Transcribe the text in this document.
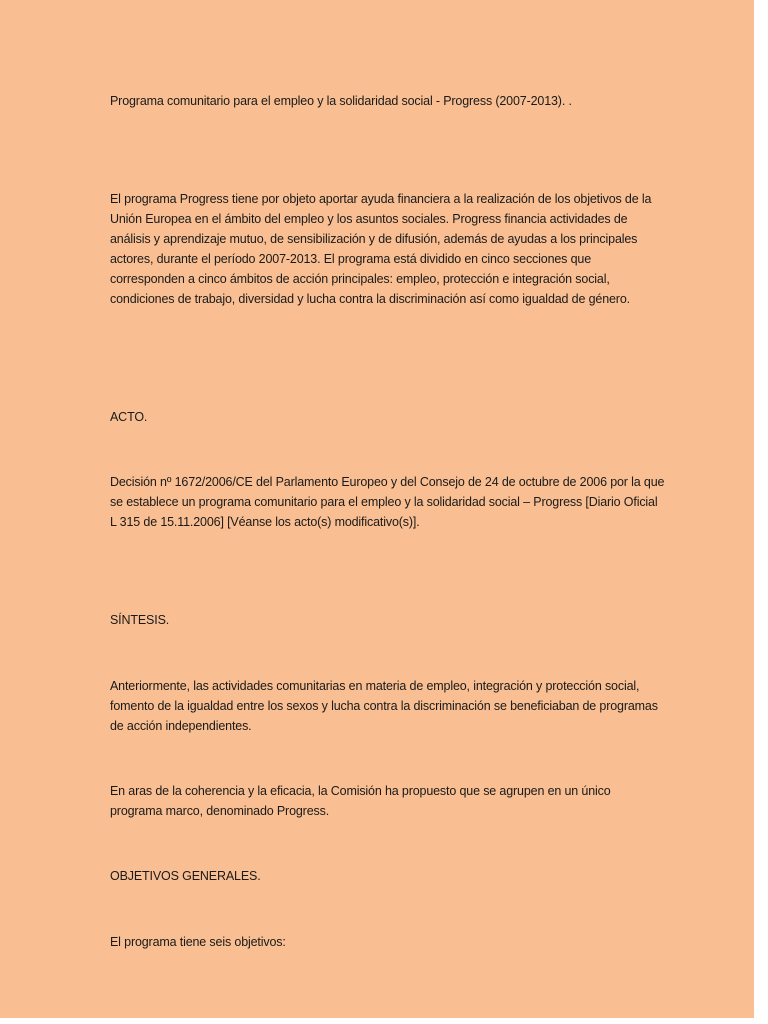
Programa comunitario para el empleo y la solidaridad social - Progress (2007-2013). .

El programa Progress tiene por objeto aportar ayuda financiera a la realización de los objetivos de la Unión Europea en el ámbito del empleo y los asuntos sociales. Progress financia actividades de análisis y aprendizaje mutuo, de sensibilización y de difusión, además de ayudas a los principales actores, durante el período 2007-2013. El programa está dividido en cinco secciones que corresponden a cinco ámbitos de acción principales: empleo, protección e integración social, condiciones de trabajo, diversidad y lucha contra la discriminación así como igualdad de género.

ACTO.

Decisión nº 1672/2006/CE del Parlamento Europeo y del Consejo de 24 de octubre de 2006 por la que se establece un programa comunitario para el empleo y la solidaridad social – Progress [Diario Oficial L 315 de 15.11.2006] [Véanse los acto(s) modificativo(s)].

SÍNTESIS.

Anteriormente, las actividades comunitarias en materia de empleo, integración y protección social, fomento de la igualdad entre los sexos y lucha contra la discriminación se beneficiaban de programas de acción independientes.

En aras de la coherencia y la eficacia, la Comisión ha propuesto que se agrupen en un único programa marco, denominado Progress.

OBJETIVOS GENERALES.

El programa tiene seis objetivos:
